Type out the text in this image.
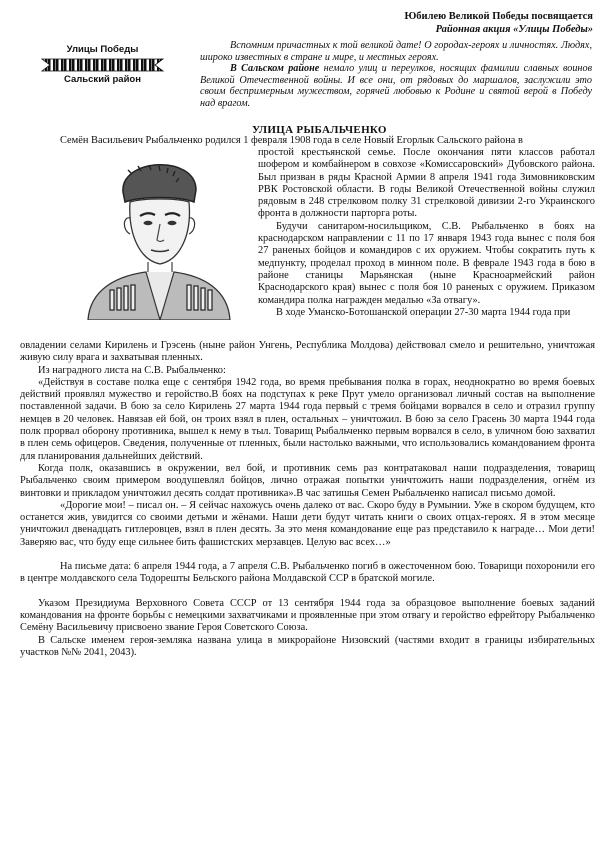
Юбилею Великой Победы посвящается
Районная акция «Улицы Победы»
Улицы Победы
Сальский район

Вспомним причастных к той великой дате! О городах-героях и личностях. Людях, широко известных в стране и мире, и местных героях.

В Сальском районе немало улиц и переулков, носящих фамилии славных воинов Великой Отечественной войны. И все они, от рядовых до маршалов, заслужили это своим беспримерным мужеством, горячей любовью к Родине и святой верой в Победу над врагом.

УЛИЦА РЫБАЛЬЧЕНКО

Семён Васильевич Рыбальченко родился 1 февраля 1908 года в селе Новый Егорлык Сальского района в

простой крестьянской семье. После окончания пяти классов работал шофером и комбайнером в совхозе «Комиссаровский» Дубовского района. Был призван в ряды Красной Армии 8 апреля 1941 года Зимовниковским РВК Ростовской области. В годы Великой Отечественной войны служил рядовым в 248 стрелковом полку 31 стрелковой дивизии 2-го Украинского фронта в должности парторга роты.

Будучи санитаром-носильщиком, С.В. Рыбальченко в боях на краснодарском направлении с 11 по 17 января 1943 года вынес с поля боя 27 раненых бойцов и командиров с их оружием. Чтобы сократить путь к медпункту, проделал проход в минном поле. В феврале 1943 года в бою в районе станицы Марьянская (ныне Красноармейский район Краснодарского края) вынес с поля боя 10 раненых с оружием. Приказом командира полка награжден медалью «За отвагу».

В ходе Уманско-Ботошанской операции 27-30 марта 1944 года при

овладении селами Кирилень и Грэсень (ныне район Унгень, Республика Молдова) действовал смело и решительно, уничтожая живую силу врага и захватывая пленных.

Из наградного листа на С.В. Рыбальченко:

«Действуя в составе полка еще с сентября 1942 года, во время пребывания полка в горах, неоднократно во время боевых действий проявлял мужество и геройство.В боях на подступах к реке Прут умело организовал личный состав на выполнение поставленной задачи. В бою за село Кирилень 27 марта 1944 года первый с тремя бойцами ворвался в село и отразил группу немцев в 20 человек. Навязав ей бой, он троих взял в плен, остальных – уничтожил. В бою за село Грасень 30 марта 1944 года полк прорвал оборону противника, вышел к нему в тыл. Товарищ Рыбальченко первым ворвался в село, в уличном бою захватил в плен семь офицеров. Сведения, полученные от пленных, были настолько важными, что использовались командованием фронта для планирования дальнейших действий.

Когда полк, оказавшись в окружении, вел бой, и противник семь раз контратаковал наши подразделения, товарищ Рыбальченко своим примером воодушевлял бойцов, лично отражая попытки уничтожить наши подразделения, огнём из винтовки и прикладом уничтожил десять солдат противника».В час затишья Семен Рыбальченко написал письмо домой.

«Дорогие мои! – писал он. – Я сейчас нахожусь очень далеко от вас. Скоро буду в Румынии. Уже в скором будущем, кто останется жив, увидится со своими детьми и жёнами. Наши дети будут читать книги о своих отцах-героях. Я в этом месяце уничтожил двенадцать гитлеровцев, взял в плен десять. За это меня командование еще раз представило к награде… Мои дети! Заверяю вас, что буду еще сильнее бить фашистских мерзавцев. Целую вас всех…»

На письме дата: 6 апреля 1944 года, а 7 апреля С.В. Рыбальченко погиб в ожесточенном бою. Товарищи похоронили его в центре молдавского села Тодорешты Бельского района Молдавской ССР в братской могиле.

Указом Президиума Верховного Совета СССР от 13 сентября 1944 года за образцовое выполнение боевых заданий командования на фронте борьбы с немецкими захватчиками и проявленные при этом отвагу и геройство ефрейтору Рыбальченко Семёну Васильевичу присвоено звание Героя Советского Союза.

В Сальске именем героя-земляка названа улица в микрорайоне Низовский (частями входит в границы избирательных участков №№ 2041, 2043).
